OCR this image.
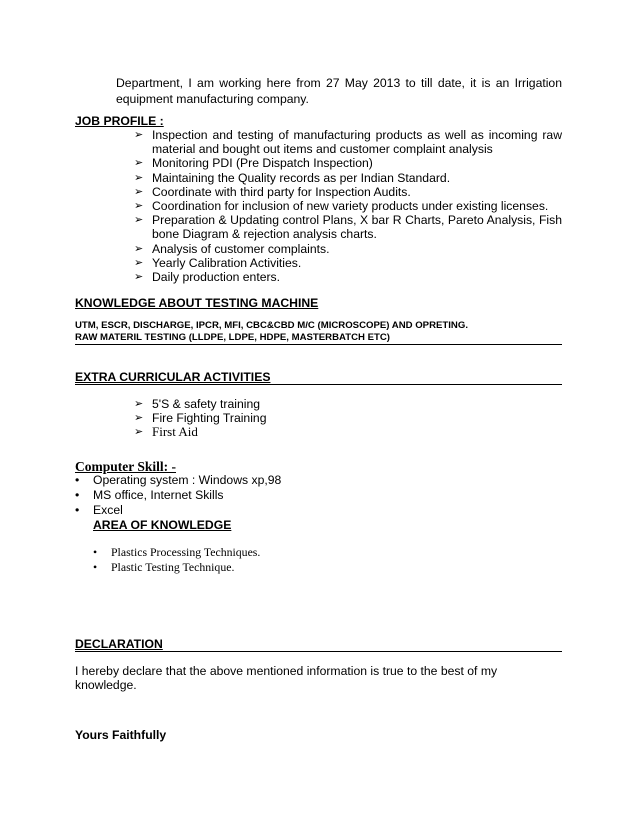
Department, I am working here from 27 May 2013 to till date, it is an Irrigation equipment manufacturing company.

JOB PROFILE :
➢ Inspection and testing of manufacturing products as well as incoming raw material and bought out items and customer complaint analysis
➢ Monitoring PDI (Pre Dispatch Inspection)
➢ Maintaining the Quality records as per Indian Standard.
➢ Coordinate with third party for Inspection Audits.
➢ Coordination for inclusion of new variety products under existing licenses.
➢ Preparation & Updating control Plans, X bar R Charts, Pareto Analysis, Fish bone Diagram & rejection analysis charts.
➢ Analysis of customer complaints.
➢ Yearly Calibration Activities.
➢ Daily production enters.
KNOWLEDGE ABOUT TESTING MACHINE
UTM, ESCR, DISCHARGE, IPCR, MFI, CBC&CBD M/C (MICROSCOPE) AND OPRETING.
RAW MATERIL TESTING (LLDPE, LDPE, HDPE, MASTERBATCH ETC)
EXTRA CURRICULAR ACTIVITIES
➢ 5'S & safety training
➢ Fire Fighting Training
➢ First Aid
Computer Skill: -
• Operating system : Windows xp,98
• MS office, Internet Skills
• Excel
AREA OF KNOWLEDGE
• Plastics Processing Techniques.
• Plastic Testing Technique.
DECLARATION

I hereby declare that the above mentioned information is true to the best of my knowledge.

Yours Faithfully
